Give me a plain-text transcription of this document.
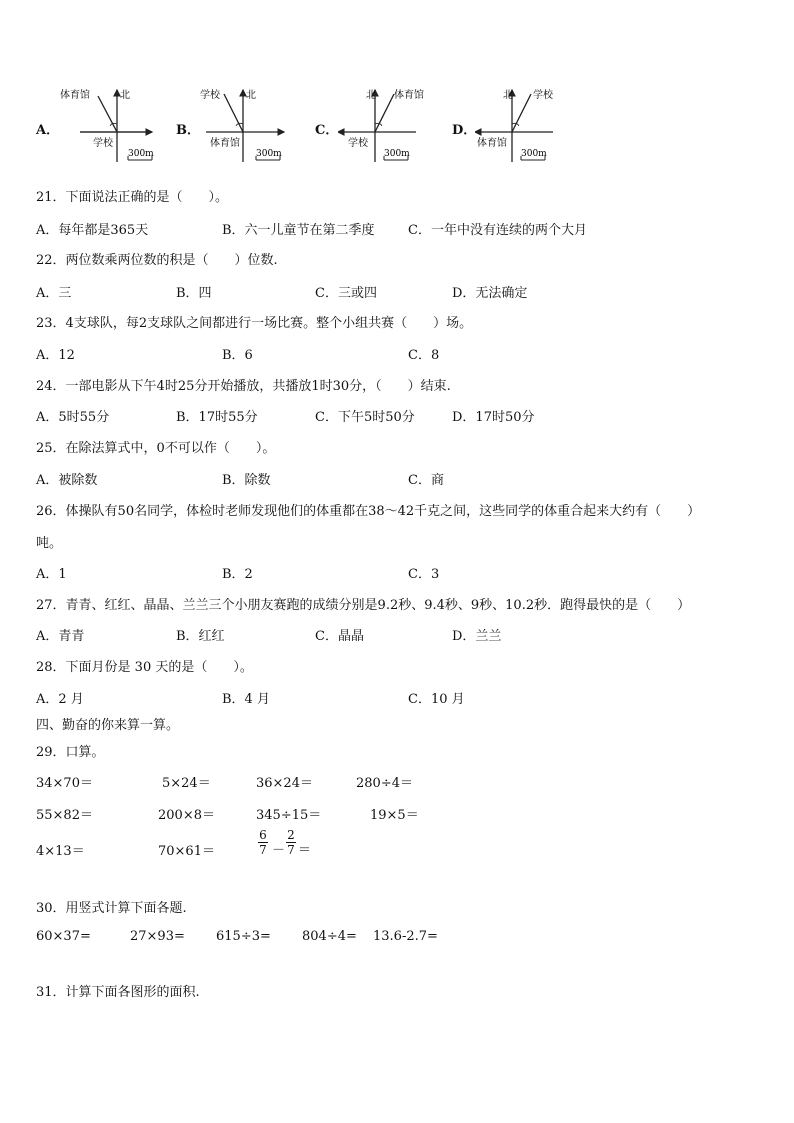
A．	B．	C．	D．
体育馆	北
学校
300m
学校	北
体育馆
300m
北 体育馆
学校
300m
北 学校
体育馆
300m
21．下面说法正确的是（　　）。
A．每年都是365天	B．六一儿童节在第二季度	C．一年中没有连续的两个大月
22．两位数乘两位数的积是（　　）位数.
A．三	B．四	C．三或四	D．无法确定
23．4支球队，每2支球队之间都进行一场比赛。整个小组共赛（　　）场。
A．12	B．6	C．8
24．一部电影从下午4时25分开始播放，共播放1时30分，（　　）结束.
A．5时55分	B．17时55分	C．下午5时50分	D．17时50分
25．在除法算式中，0不可以作（　　）。
A．被除数	B．除数	C．商
26．体操队有50名同学，体检时老师发现他们的体重都在38～42千克之间，这些同学的体重合起来大约有（　　）
吨。
A．1	B．2	C．3
27．青青、红红、晶晶、兰兰三个小朋友赛跑的成绩分别是9.2秒、9.4秒、9秒、10.2秒．跑得最快的是（　　）
A．青青	B．红红	C．晶晶	D．兰兰
28．下面月份是 30 天的是（　　）。
A．2 月	B．4 月	C．10 月
四、勤奋的你来算一算。
29．口算。
34×70＝	5×24＝	36×24＝	280÷4＝
55×82＝	200×8＝	345÷15＝	19×5＝
4×13＝	70×61＝
6
7 －
2
7 ＝
30．用竖式计算下面各题.
60×37=	27×93= 615÷3= 804÷4= 13.6-2.7=
31．计算下面各图形的面积.
